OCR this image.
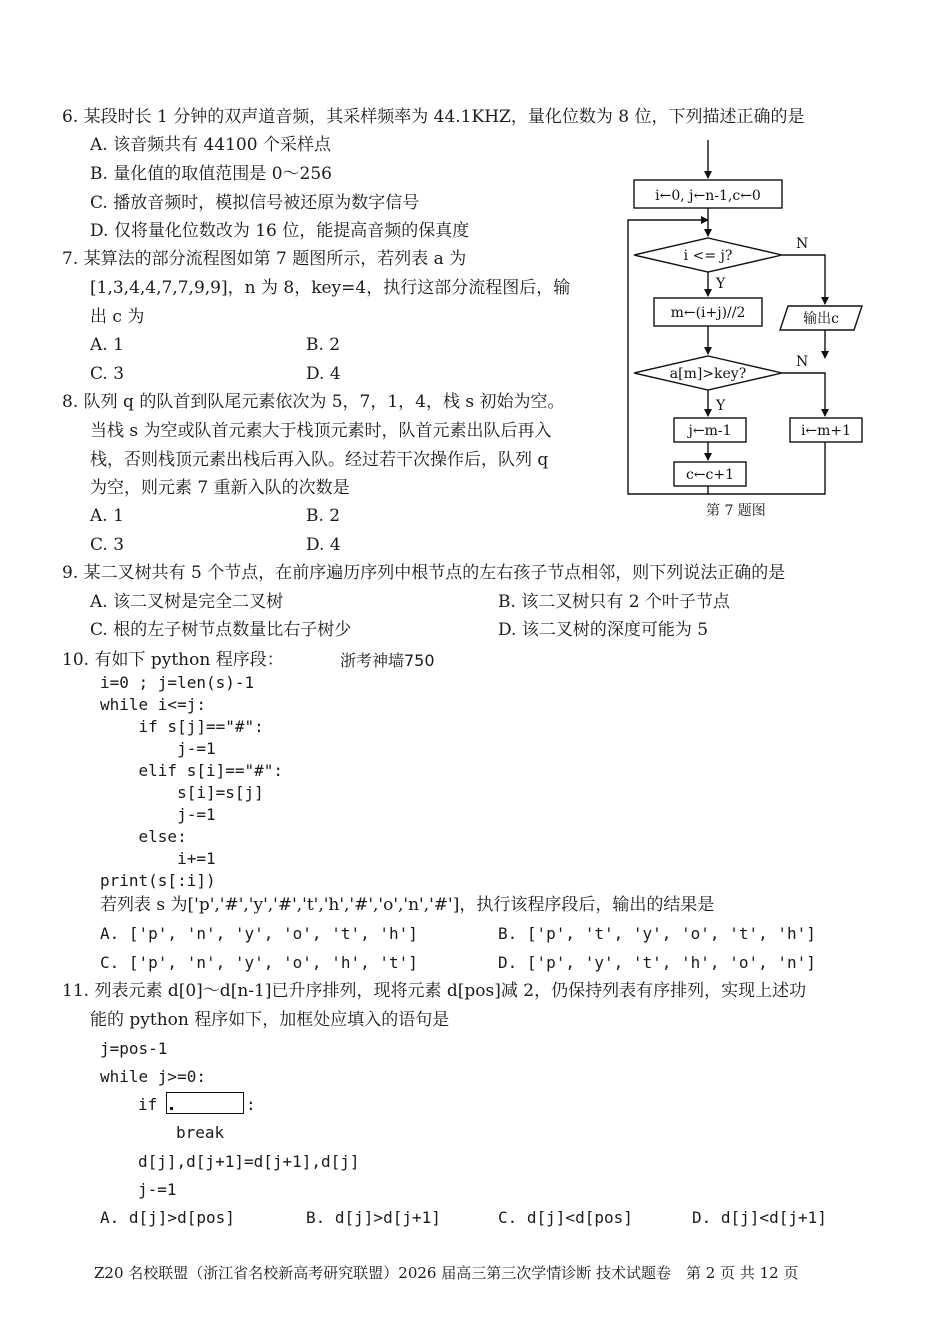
6. 某段时长 1 分钟的双声道音频，其采样频率为 44.1KHZ，量化位数为 8 位，下列描述正确的是
A. 该音频共有 44100 个采样点
B. 量化值的取值范围是 0～256
C. 播放音频时，模拟信号被还原为数字信号
D. 仅将量化位数改为 16 位，能提高音频的保真度
7. 某算法的部分流程图如第 7 题图所示，若列表 a 为
[1,3,4,4,7,7,9,9]，n 为 8，key=4，执行这部分流程图后，输
出 c 为
A. 1	B. 2
C. 3	D. 4
8. 队列 q 的队首到队尾元素依次为 5，7，1，4，栈 s 初始为空。
当栈 s 为空或队首元素大于栈顶元素时，队首元素出队后再入
栈，否则栈顶元素出栈后再入队。经过若干次操作后，队列 q
为空，则元素 7 重新入队的次数是
A. 1	B. 2
C. 3	D. 4
i←0, j←n-1,c←0
i <= j?
Y
N
m←(i+j)//2	输出c
a[m]>key?
Y
N
j←m-1	i←m+1
c←c+1
第 7 题图
9. 某二叉树共有 5 个节点，在前序遍历序列中根节点的左右孩子节点相邻，则下列说法正确的是
A. 该二叉树是完全二叉树	B. 该二叉树只有 2 个叶子节点
C. 根的左子树节点数量比右子树少	D. 该二叉树的深度可能为 5
10. 有如下 python 程序段：	浙考神墙750
i=0 ; j=len(s)-1
while i<=j:
if s[j]=="#":
j-=1
elif s[i]=="#":
s[i]=s[j]
j-=1
else:
i+=1
print(s[:i])
若列表 s 为['p','#','y','#','t','h','#','o','n','#']，执行该程序段后，输出的结果是
A. ['p', 'n', 'y', 'o', 't', 'h']	B. ['p', 't', 'y', 'o', 't', 'h']
C. ['p', 'n', 'y', 'o', 'h', 't']	D. ['p', 'y', 't', 'h', 'o', 'n']
11. 列表元素 d[0]～d[n-1]已升序排列，现将元素 d[pos]减 2，仍保持列表有序排列，实现上述功
能的 python 程序如下，加框处应填入的语句是
j=pos-1
while j>=0:
if	:
break
d[j],d[j+1]=d[j+1],d[j]
j-=1
A. d[j]>d[pos]	B. d[j]>d[j+1]	C. d[j]<d[pos]	D. d[j]<d[j+1]
Z20 名校联盟（浙江省名校新高考研究联盟）2026 届高三第三次学情诊断 技术试题卷　第 2 页 共 12 页
